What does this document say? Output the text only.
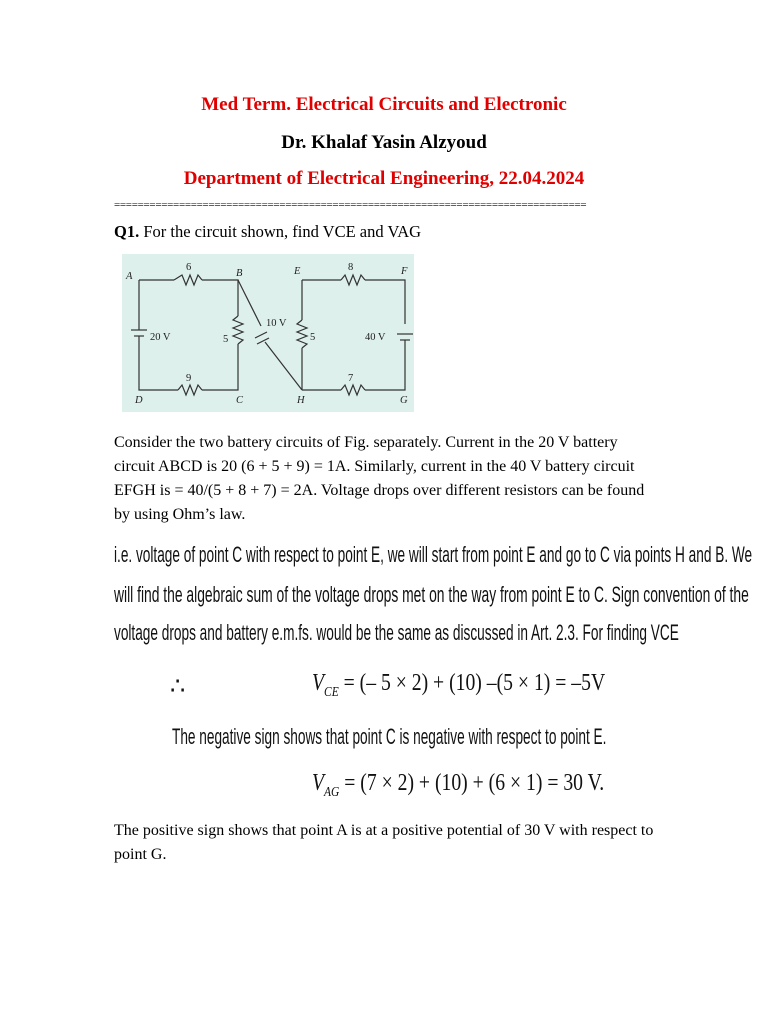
Med Term. Electrical Circuits and Electronic
Dr. Khalaf Yasin Alzyoud
Department of Electrical Engineering, 22.04.2024
================================================================================
Q1. For the circuit shown, find VCE and VAG
A	B	E	F
D	C	H	G
6
5
9
8
5
7
20 V
10 V
40 V
Consider the two battery circuits of Fig. separately. Current in the 20 V battery circuit ABCD is 20 (6 + 5 + 9) = 1A. Similarly, current in the 40 V battery circuit EFGH is = 40/(5 + 8 + 7) = 2A. Voltage drops over different resistors can be found by using Ohm’s law.
i.e. voltage of point C with respect to point E, we will start from point E and go to C via points H and B. We
will find the algebraic sum of the voltage drops met on the way from point E to C. Sign convention of the
voltage drops and battery e.m.fs. would be the same as discussed in Art. 2.3. For finding VCE
∴	$V_{CE}$ = (– 5 × 2) + (10) –(5 × 1) = –5V
The negative sign shows that point C is negative with respect to point E.
$V_{AG} = (7 \times 2) + (10) + (6 \times 1) = 30$ V.
The positive sign shows that point A is at a positive potential of 30 V with respect to point G.
